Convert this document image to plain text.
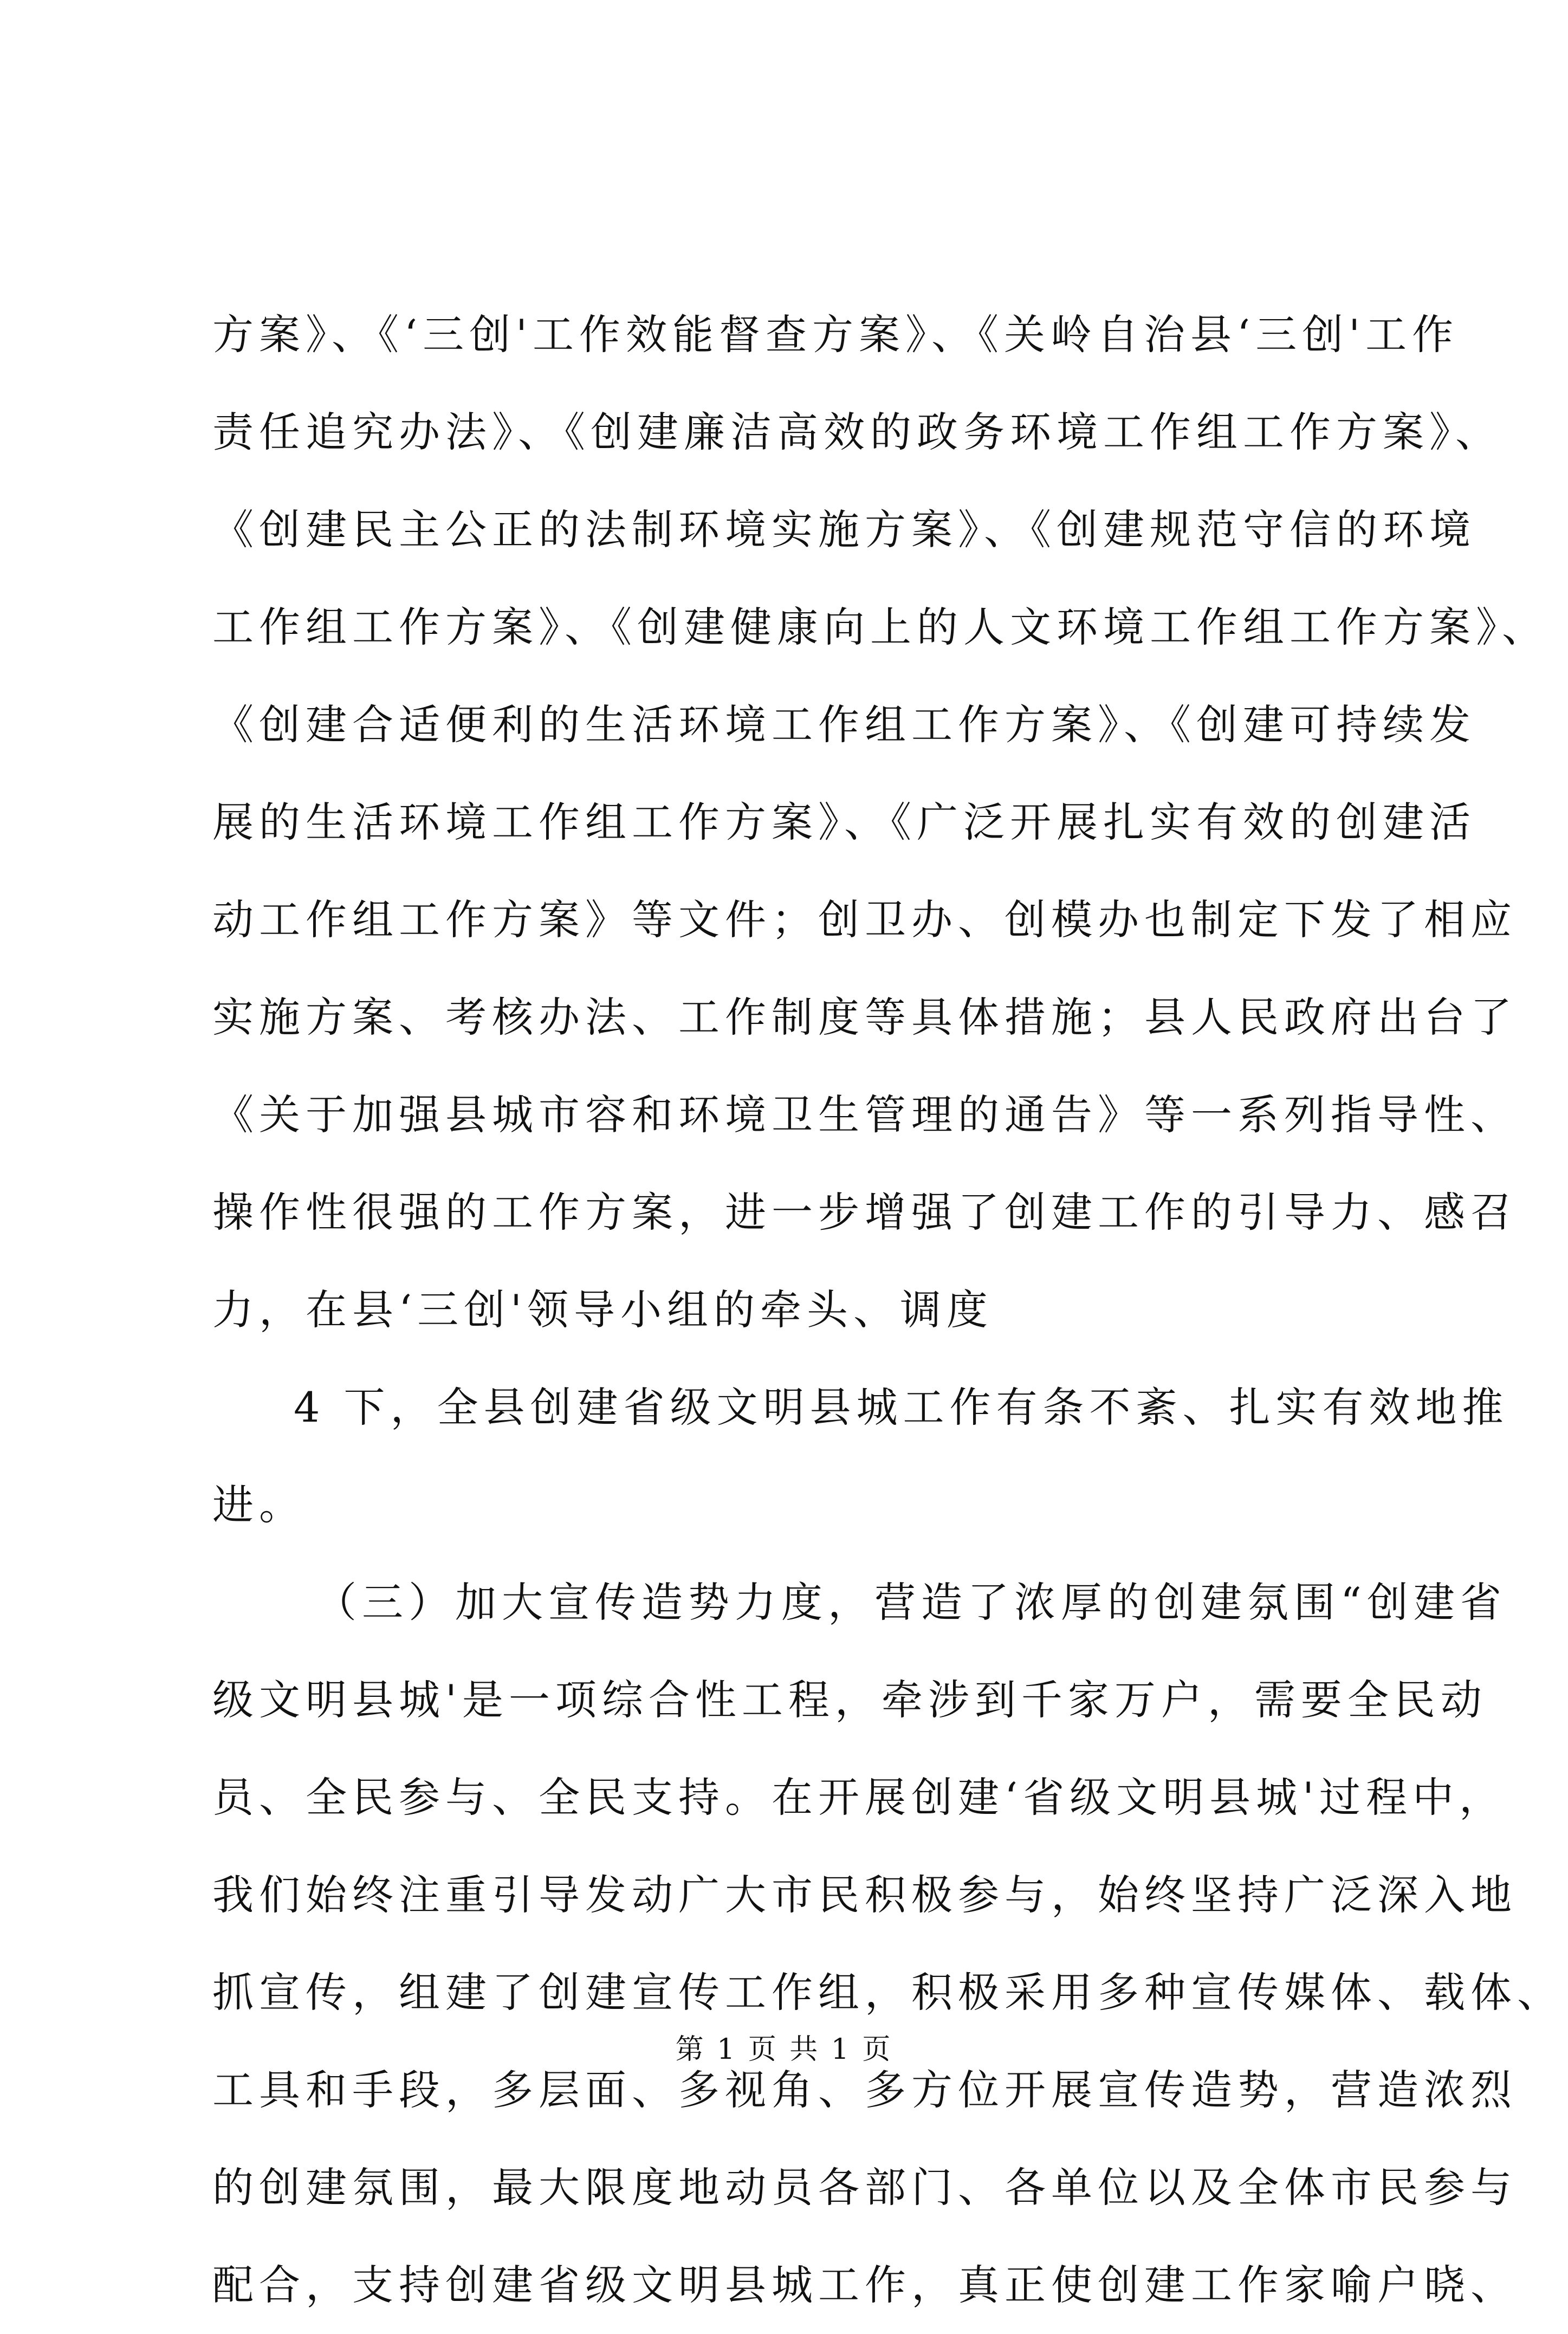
方案》、《‘三创'工作效能督查方案》、《关岭自治县‘三创'工作
责任追究办法》、《创建廉洁高效的政务环境工作组工作方案》、
《创建民主公正的法制环境实施方案》、《创建规范守信的环境
工作组工作方案》、《创建健康向上的人文环境工作组工作方案》、
《创建合适便利的生活环境工作组工作方案》、《创建可持续发
展的生活环境工作组工作方案》、《广泛开展扎实有效的创建活
动工作组工作方案》等文件；创卫办、创模办也制定下发了相应
实施方案、考核办法、工作制度等具体措施；县人民政府出台了
《关于加强县城市容和环境卫生管理的通告》等一系列指导性、
操作性很强的工作方案，进一步增强了创建工作的引导力、感召
力，在县‘三创'领导小组的牵头、调度
4 下，全县创建省级文明县城工作有条不紊、扎实有效地推
进。
（三）加大宣传造势力度，营造了浓厚的创建氛围“创建省
级文明县城'是一项综合性工程，牵涉到千家万户，需要全民动
员、全民参与、全民支持。在开展创建‘省级文明县城'过程中，
我们始终注重引导发动广大市民积极参与，始终坚持广泛深入地
抓宣传，组建了创建宣传工作组，积极采用多种宣传媒体、载体、
工具和手段，多层面、多视角、多方位开展宣传造势，营造浓烈
的创建氛围，最大限度地动员各部门、各单位以及全体市民参与
配合，支持创建省级文明县城工作，真正使创建工作家喻户晓、
第 1 页 共 1 页
